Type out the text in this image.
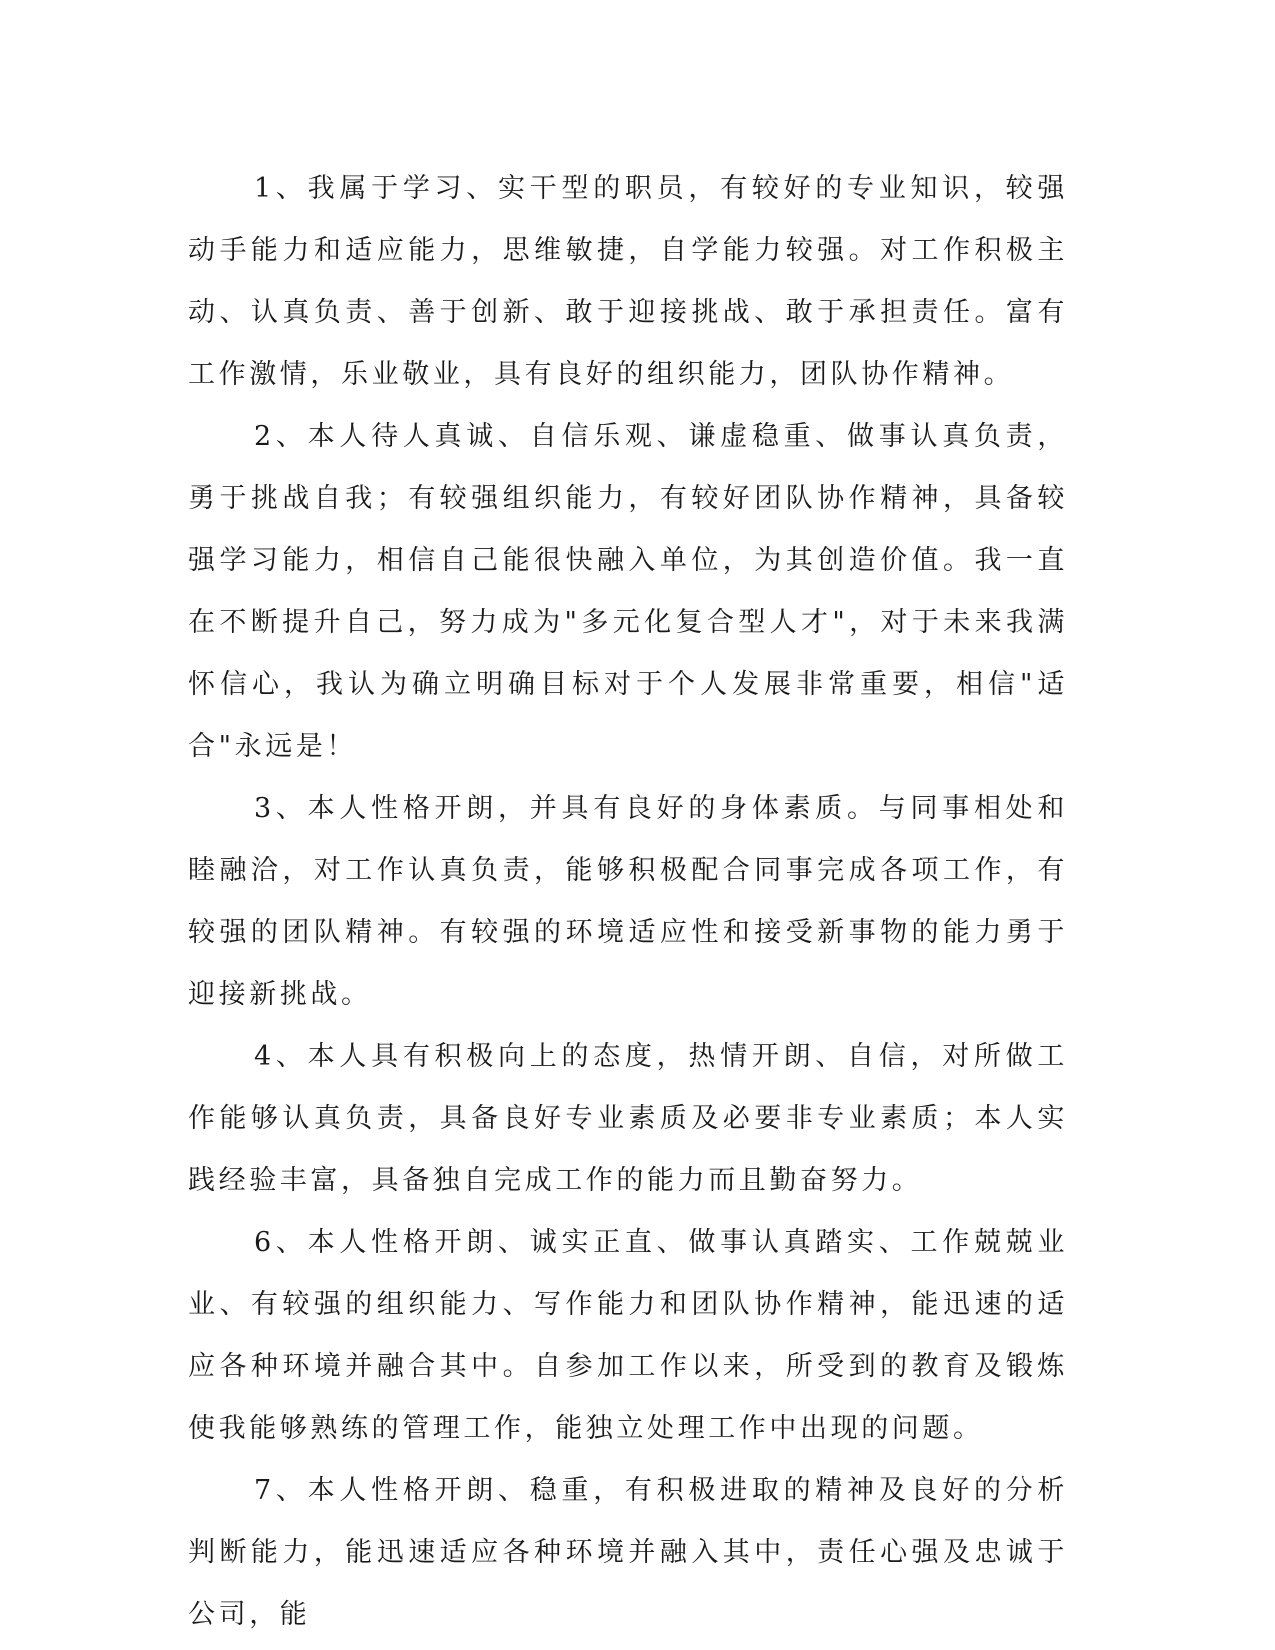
1、我属于学习、实干型的职员，有较好的专业知识，较强动手能力和适应能力，思维敏捷，自学能力较强。对工作积极主动、认真负责、善于创新、敢于迎接挑战、敢于承担责任。富有工作激情，乐业敬业，具有良好的组织能力，团队协作精神。

2、本人待人真诚、自信乐观、谦虚稳重、做事认真负责，勇于挑战自我；有较强组织能力，有较好团队协作精神，具备较强学习能力，相信自己能很快融入单位，为其创造价值。我一直在不断提升自己，努力成为"多元化复合型人才"，对于未来我满怀信心，我认为确立明确目标对于个人发展非常重要，相信"适合"永远是！

3、本人性格开朗，并具有良好的身体素质。与同事相处和睦融洽，对工作认真负责，能够积极配合同事完成各项工作，有较强的团队精神。有较强的环境适应性和接受新事物的能力勇于迎接新挑战。

4、本人具有积极向上的态度，热情开朗、自信，对所做工作能够认真负责，具备良好专业素质及必要非专业素质；本人实践经验丰富，具备独自完成工作的能力而且勤奋努力。

6、本人性格开朗、诚实正直、做事认真踏实、工作兢兢业业、有较强的组织能力、写作能力和团队协作精神，能迅速的适应各种环境并融合其中。自参加工作以来，所受到的教育及锻炼使我能够熟练的管理工作，能独立处理工作中出现的问题。

7、本人性格开朗、稳重，有积极进取的精神及良好的分析判断能力，能迅速适应各种环境并融入其中，责任心强及忠诚于公司，能
